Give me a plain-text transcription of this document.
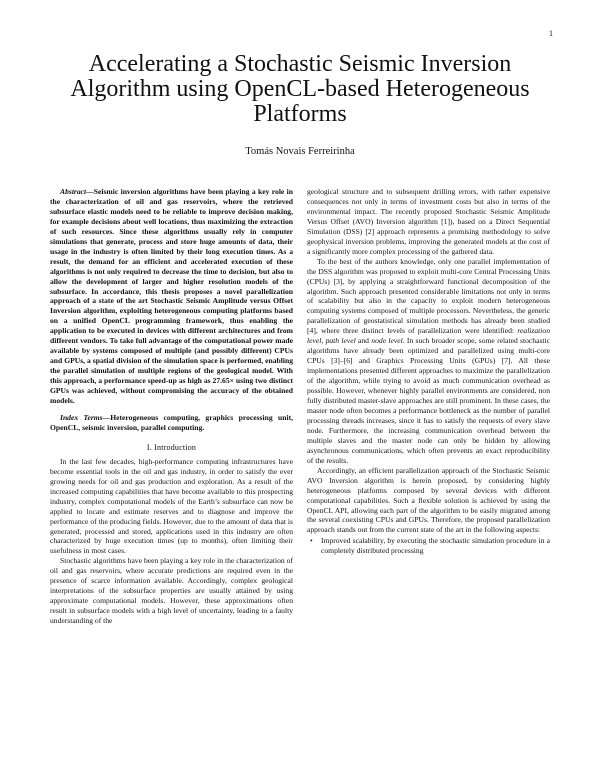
1
Accelerating a Stochastic Seismic Inversion Algorithm using OpenCL-based Heterogeneous Platforms
Tomás Novais Ferreirinha

Abstract—Seismic inversion algorithms have been playing a key role in the characterization of oil and gas reservoirs, where the retrieved subsurface elastic models need to be reliable to improve decision making, for example decisions about well locations, thus maximizing the extraction of such resources. Since these algorithms usually rely in computer simulations that generate, process and store huge amounts of data, their usage in the industry is often limited by their long execution times. As a result, the demand for an efficient and accelerated execution of these algorithms is not only required to decrease the time to decision, but also to allow the development of larger and higher resolution models of the subsurface. In accordance, this thesis proposes a novel parallelization approach of a state of the art Stochastic Seismic Amplitude versus Offset Inversion algorithm, exploiting heterogeneous computing platforms based on a unified OpenCL programming framework, thus enabling the application to be executed in devices with different architectures and from different vendors. To take full advantage of the computational power made available by systems composed of multiple (and possibly different) CPUs and GPUs, a spatial division of the simulation space is performed, enabling the parallel simulation of multiple regions of the geological model. With this approach, a performance speed-up as high as 27.65× using two distinct GPUs was achieved, without compromising the accuracy of the obtained models.

Index Terms—Heterogeneous computing, graphics processing unit, OpenCL, seismic inversion, parallel computing.

I. Introduction

In the last few decades, high-performance computing infrastructures have become essential tools in the oil and gas industry, in order to satisfy the ever growing needs for oil and gas production and exploration. As a result of the increased computing capabilities that have become available to this prospecting industry, complex computational models of the Earth’s subsurface can now be applied to locate and estimate reserves and to diagnose and improve the performance of the producing fields. However, due to the amount of data that is generated, processed and stored, applications used in this industry are often characterized by huge execution times (up to months), often limiting their usefulness in most cases.

Stochastic algorithms have been playing a key role in the characterization of oil and gas reservoirs, where accurate predictions are required even in the presence of scarce information available. Accordingly, complex geological interpretations of the subsurface properties are usually attained by using approximate computational models. However, these approximations often result in subsurface models with a high level of uncertainty, leading to a faulty understanding of the

geological structure and to subsequent drilling errors, with rather expensive consequences not only in terms of investment costs but also in terms of the environmental impact. The recently proposed Stochastic Seismic Amplitude Versus Offset (AVO) Inversion algorithm [1]), based on a Direct Sequential Simulation (DSS) [2] approach represents a promising methodology to solve geophysical inversion problems, improving the generated models at the cost of a significantly more complex processing of the gathered data.

To the best of the authors knowledge, only one parallel implementation of the DSS algorithm was proposed to exploit multi-core Central Processing Units (CPUs) [3], by applying a straightforward functional decomposition of the algorithm. Such approach presented considerable limitations not only in terms of scalability but also in the capacity to exploit modern heterogeneous computing systems composed of multiple processors. Nevertheless, the generic parallelization of geostatistical simulation methods has already been studied [4], where three distinct levels of parallelization were identified: realization level, path level and node level. In such broader scope, some related stochastic algorithms have already been optimized and parallelized using multi-core CPUs [3]–[6] and Graphics Processing Units (GPUs) [7]. All these implementations presented different approaches to maximize the parallelization of the algorithm, while trying to avoid as much communication overhead as possible. However, whenever highly parallel environments are considered, non fully distributed master-slave approaches are still prominent. In these cases, the master node often becomes a performance bottleneck as the number of parallel processing threads increases, since it has to satisfy the requests of every slave node. Furthermore, the increasing communication overhead between the multiple slaves and the master node can only be hidden by allowing asynchronous communications, which often prevents an exact reproducibility of the results.

Accordingly, an efficient parallelization approach of the Stochastic Seismic AVO Inversion algorithm is herein proposed, by considering highly heterogeneous platforms composed by several devices with different computational capabilities. Such a flexible solution is achieved by using the OpenCL API, allowing each part of the algorithm to be easily migrated among the several coexisting CPUs and GPUs. Therefore, the proposed parallelization approach stands out from the current state of the art in the following aspects:

• Improved scalability, by executing the stochastic simulation procedure in a completely distributed processing
